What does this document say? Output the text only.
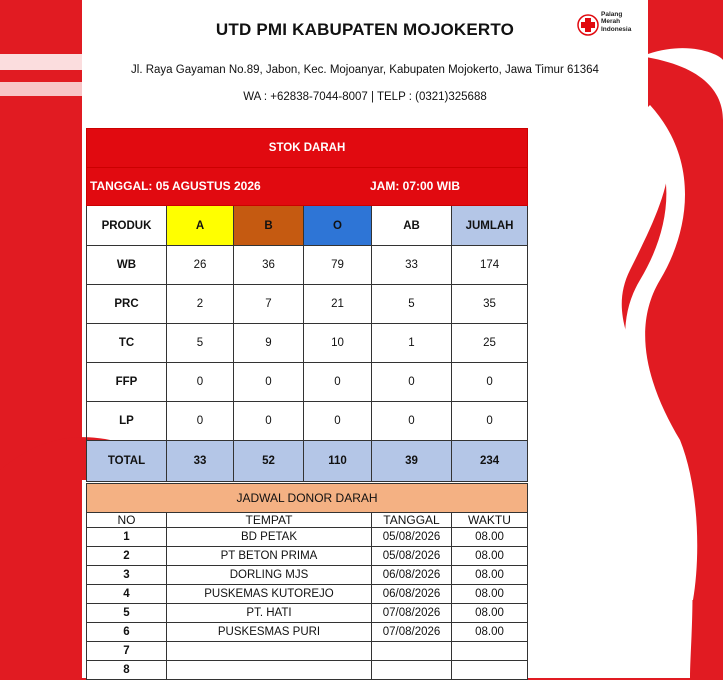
UTD PMI KABUPATEN MOJOKERTO
Jl. Raya Gayaman No.89, Jabon, Kec. Mojoanyar, Kabupaten Mojokerto, Jawa Timur 61364
WA : +62838-7044-8007 | TELP : (0321)325688
Palang
Merah
Indonesia
STOK DARAH					

TANGGAL: 05 AGUSTUS 2026 JAM: 07:00 WIB					

PRODUK	A	B	O	AB	JUMLAH
WB	26	36	79	33	174
PRC	2	7	21	5	35
TC	5	9	10	1	25
FFP	0	0	0	0	0
LP	0	0	0	0	0
TOTAL	33	52	110	39	234
JADWAL DONOR DARAH			
NO	TEMPAT	TANGGAL	WAKTU
1	BD PETAK	05/08/2026	08.00
2	PT BETON PRIMA	05/08/2026	08.00
3	DORLING MJS	06/08/2026	08.00
4	PUSKEMAS KUTOREJO	06/08/2026	08.00
5	PT. HATI	07/08/2026	08.00
6	PUSKESMAS PURI	07/08/2026	08.00
7			
8			
